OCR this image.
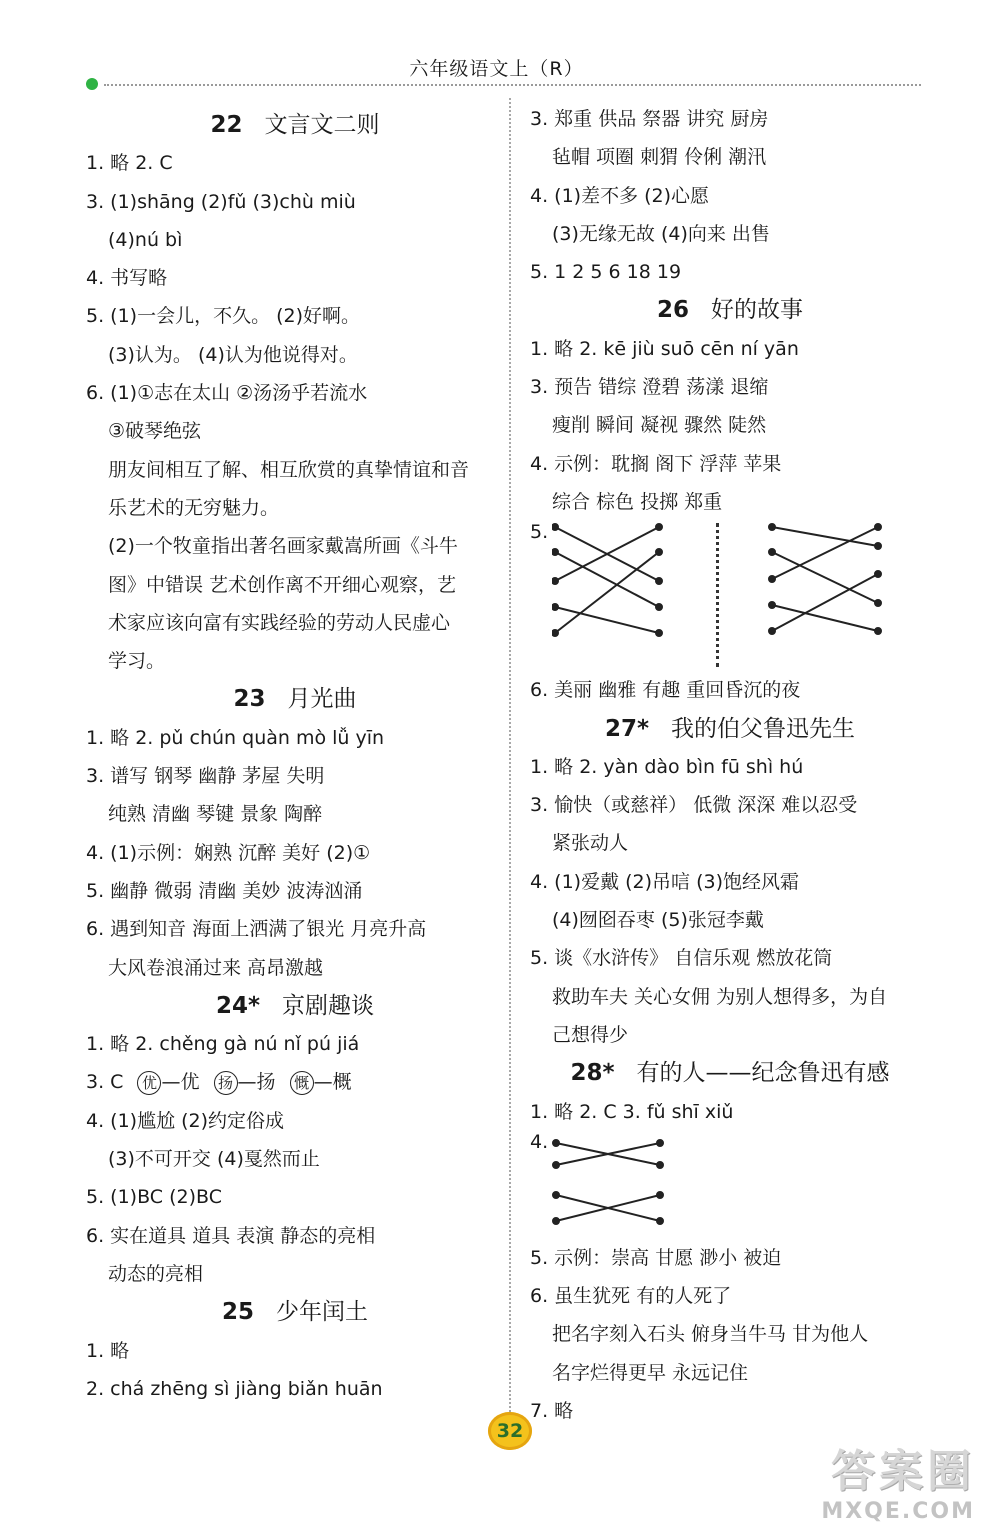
六年级语文上（R）
22 文言文二则
1. 略 2. C
3. (1)shāng (2)fǔ (3)chù miù
(4)nú bì
4. 书写略
5. (1)一会儿，不久。 (2)好啊。
(3)认为。 (4)认为他说得对。
6. (1)①志在太山 ②汤汤乎若流水
③破琴绝弦
朋友间相互了解、相互欣赏的真挚情谊和音
乐艺术的无穷魅力。
(2)一个牧童指出著名画家戴嵩所画《斗牛
图》中错误 艺术创作离不开细心观察，艺
术家应该向富有实践经验的劳动人民虚心
学习。
23 月光曲
1. 略 2. pǔ chún quàn mò lǚ yīn
3. 谱写 钢琴 幽静 茅屋 失明
纯熟 清幽 琴键 景象 陶醉
4. (1)示例：娴熟 沉醉 美好 (2)①
5. 幽静 微弱 清幽 美妙 波涛汹涌
6. 遇到知音 海面上洒满了银光 月亮升高
大风卷浪涌过来 高昂激越
24* 京剧趣谈
1. 略 2. chěng gà nú nǐ pú jiá
3. C 优 —优 扬 —扬 慨 —概
4. (1)尴尬 (2)约定俗成
(3)不可开交 (4)戛然而止
5. (1)BC (2)BC
6. 实在道具 道具 表演 静态的亮相
动态的亮相
25 少年闰土
1. 略
2. chá zhēng sì jiàng biǎn huān
3. 郑重 供品 祭器 讲究 厨房
毡帽 项圈 刺猬 伶俐 潮汛
4. (1)差不多 (2)心愿
(3)无缘无故 (4)向来 出售
5. 1 2 5 6 18 19
26 好的故事
1. 略 2. kē jiù suō cēn ní yān
3. 预告 错综 澄碧 荡漾 退缩
瘦削 瞬间 凝视 骤然 陡然
4. 示例：耽搁 阁下 浮萍 苹果
综合 棕色 投掷 郑重
5.
6. 美丽 幽雅 有趣 重回昏沉的夜
27* 我的伯父鲁迅先生
1. 略 2. yàn dào bìn fū shì hú
3. 愉快（或慈祥） 低微 深深 难以忍受
紧张动人
4. (1)爱戴 (2)吊唁 (3)饱经风霜
(4)囫囵吞枣 (5)张冠李戴
5. 谈《水浒传》 自信乐观 燃放花筒
救助车夫 关心女佣 为别人想得多，为自
己想得少
28* 有的人——纪念鲁迅有感
1. 略 2. C 3. fǔ shī xiǔ
4.
5. 示例：崇高 甘愿 渺小 被迫
6. 虽生犹死 有的人死了
把名字刻入石头 俯身当牛马 甘为他人
名字烂得更早 永远记住
7. 略
32
答案圈
MXQE.COM
